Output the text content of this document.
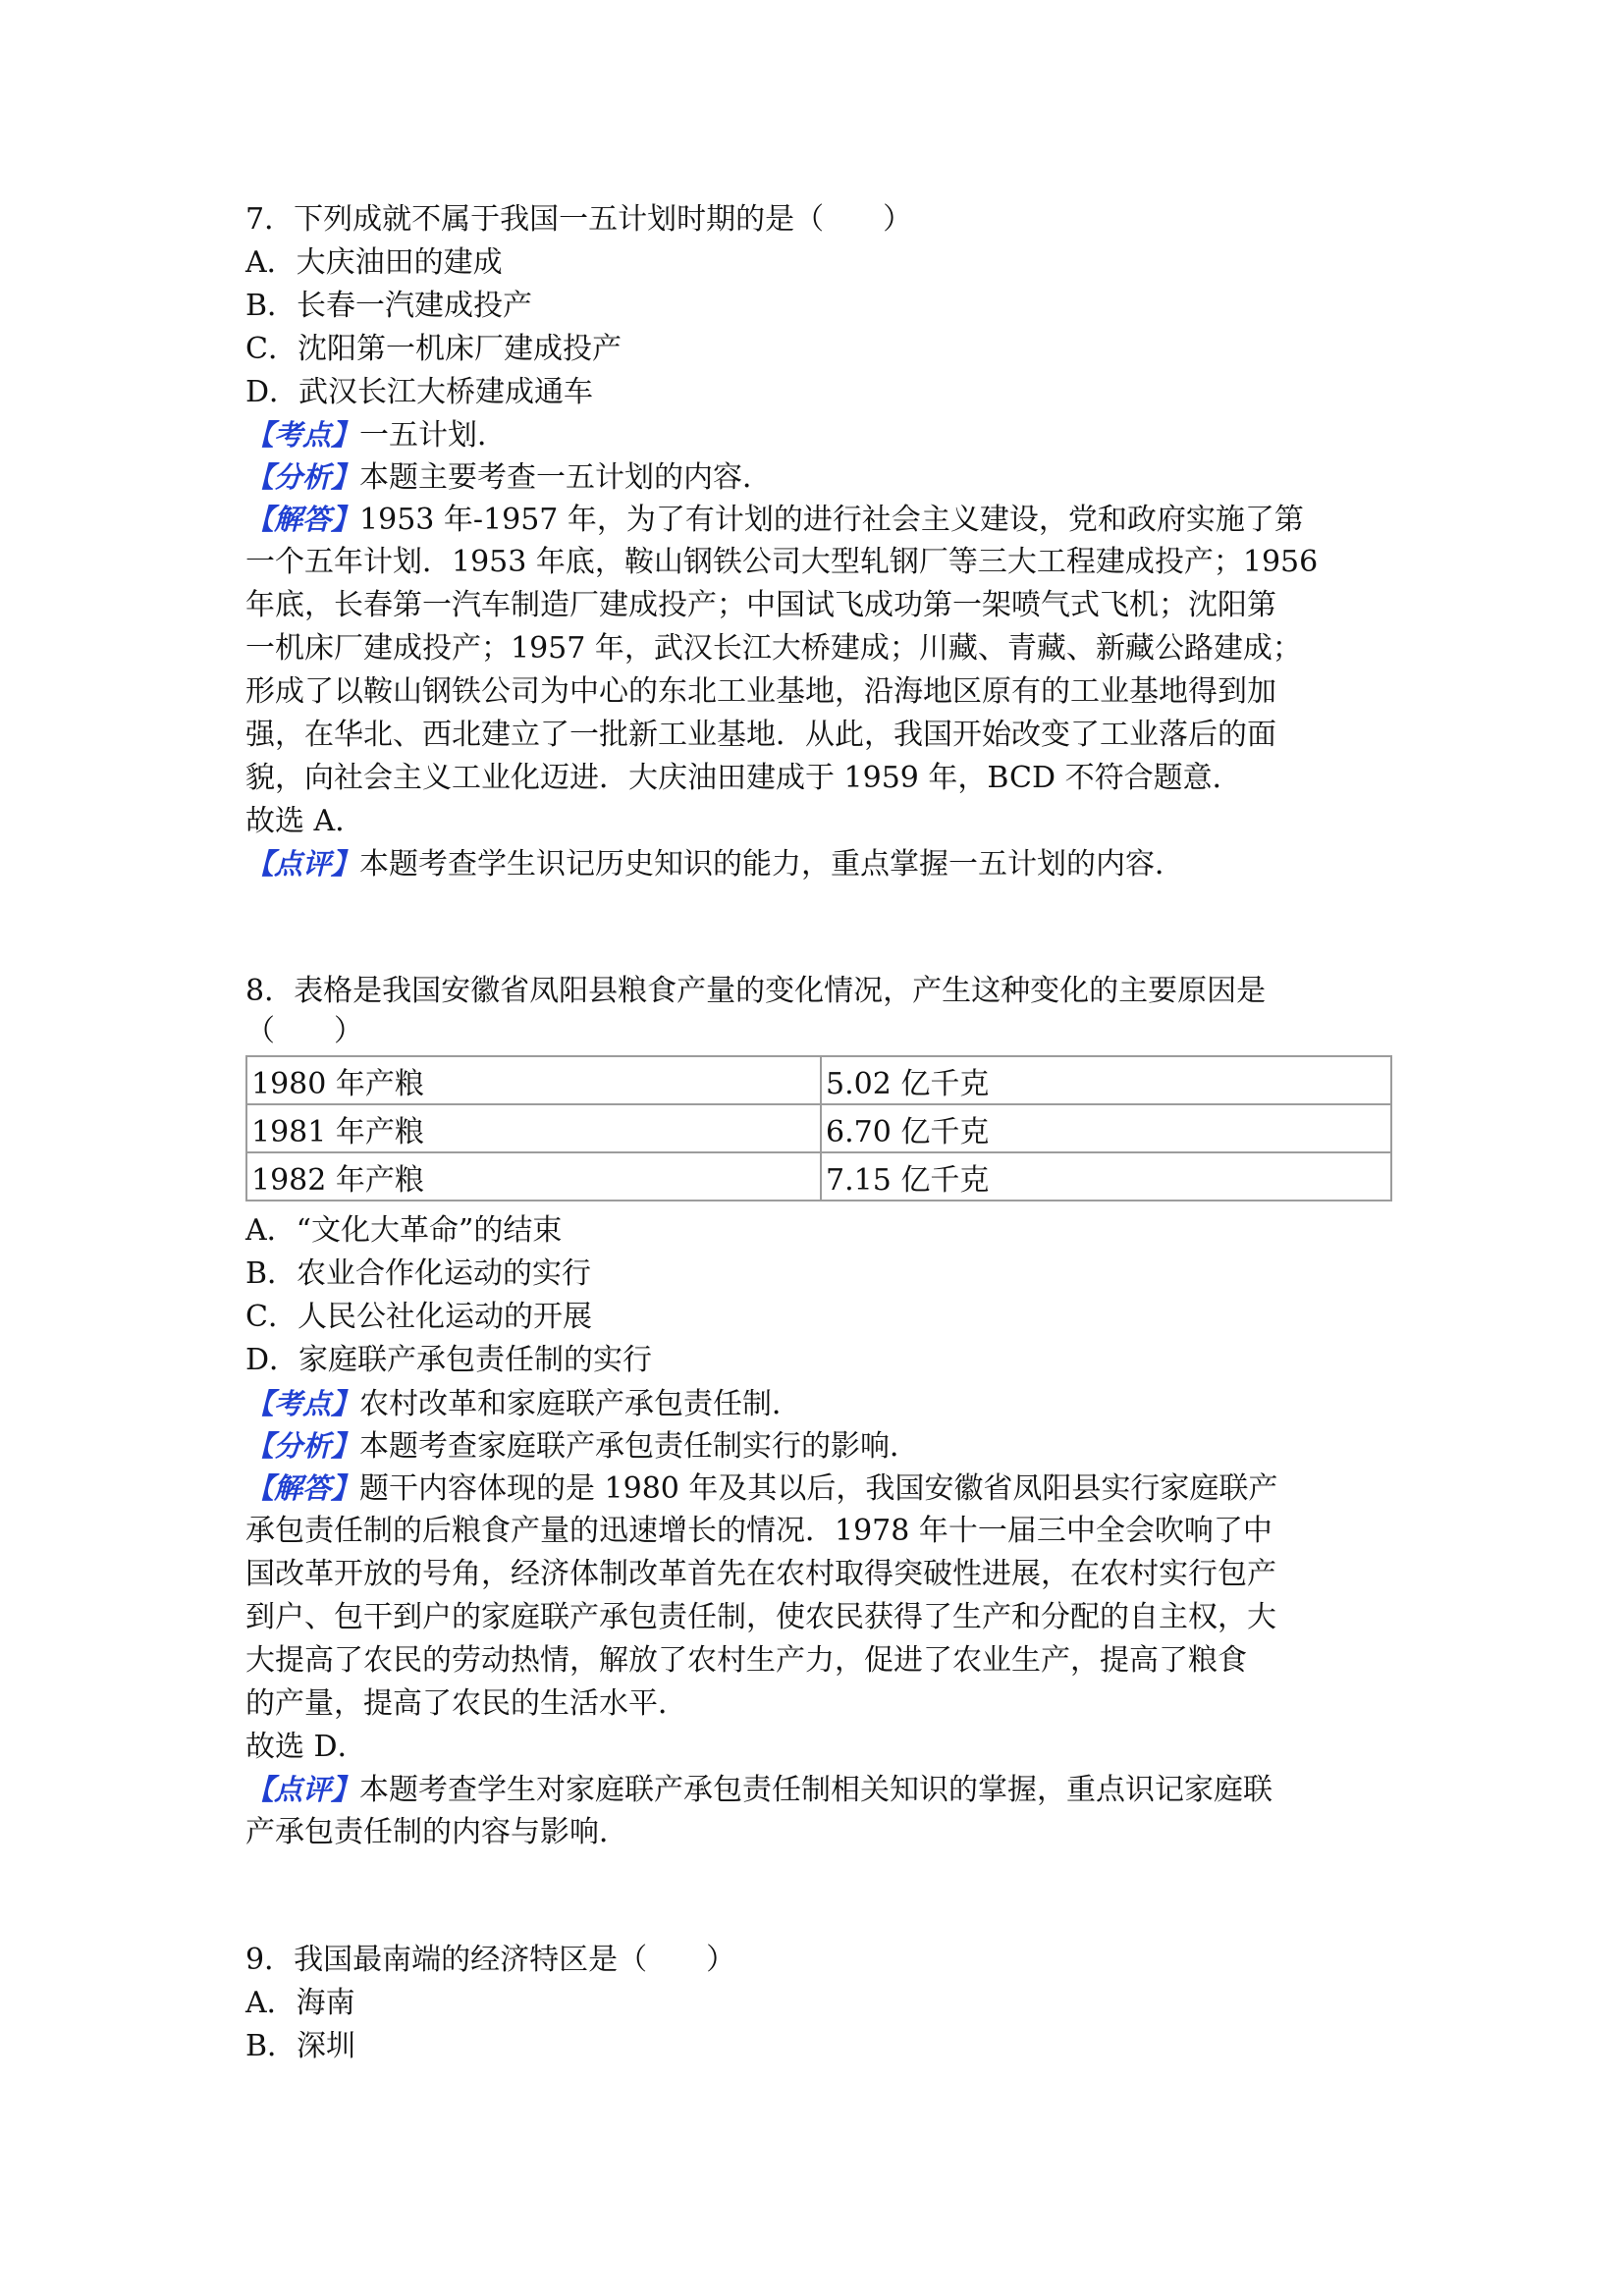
7．下列成就不属于我国一五计划时期的是（　　）
A．大庆油田的建成
B．长春一汽建成投产
C．沈阳第一机床厂建成投产
D．武汉长江大桥建成通车
【考点】一五计划．
【分析】本题主要考查一五计划的内容．
【解答】1953 年-1957 年，为了有计划的进行社会主义建设，党和政府实施了第
一个五年计划．1953 年底，鞍山钢铁公司大型轧钢厂等三大工程建成投产；1956
年底，长春第一汽车制造厂建成投产；中国试飞成功第一架喷气式飞机；沈阳第
一机床厂建成投产；1957 年，武汉长江大桥建成；川藏、青藏、新藏公路建成；
形成了以鞍山钢铁公司为中心的东北工业基地，沿海地区原有的工业基地得到加
强，在华北、西北建立了一批新工业基地．从此，我国开始改变了工业落后的面
貌，向社会主义工业化迈进．大庆油田建成于 1959 年，BCD 不符合题意．
故选 A．
【点评】本题考查学生识记历史知识的能力，重点掌握一五计划的内容．
8．表格是我国安徽省凤阳县粮食产量的变化情况，产生这种变化的主要原因是
（　　）
1980 年产粮	5.02 亿千克
1981 年产粮	6.70 亿千克
1982 年产粮	7.15 亿千克
A．“文化大革命”的结束
B．农业合作化运动的实行
C．人民公社化运动的开展
D．家庭联产承包责任制的实行
【考点】农村改革和家庭联产承包责任制．
【分析】本题考查家庭联产承包责任制实行的影响．
【解答】题干内容体现的是 1980 年及其以后，我国安徽省凤阳县实行家庭联产
承包责任制的后粮食产量的迅速增长的情况．1978 年十一届三中全会吹响了中
国改革开放的号角，经济体制改革首先在农村取得突破性进展，在农村实行包产
到户、包干到户的家庭联产承包责任制，使农民获得了生产和分配的自主权，大
大提高了农民的劳动热情，解放了农村生产力，促进了农业生产，提高了粮食
的产量，提高了农民的生活水平．
故选 D．
【点评】本题考查学生对家庭联产承包责任制相关知识的掌握，重点识记家庭联
产承包责任制的内容与影响．
9．我国最南端的经济特区是（　　）
A．海南
B．深圳
